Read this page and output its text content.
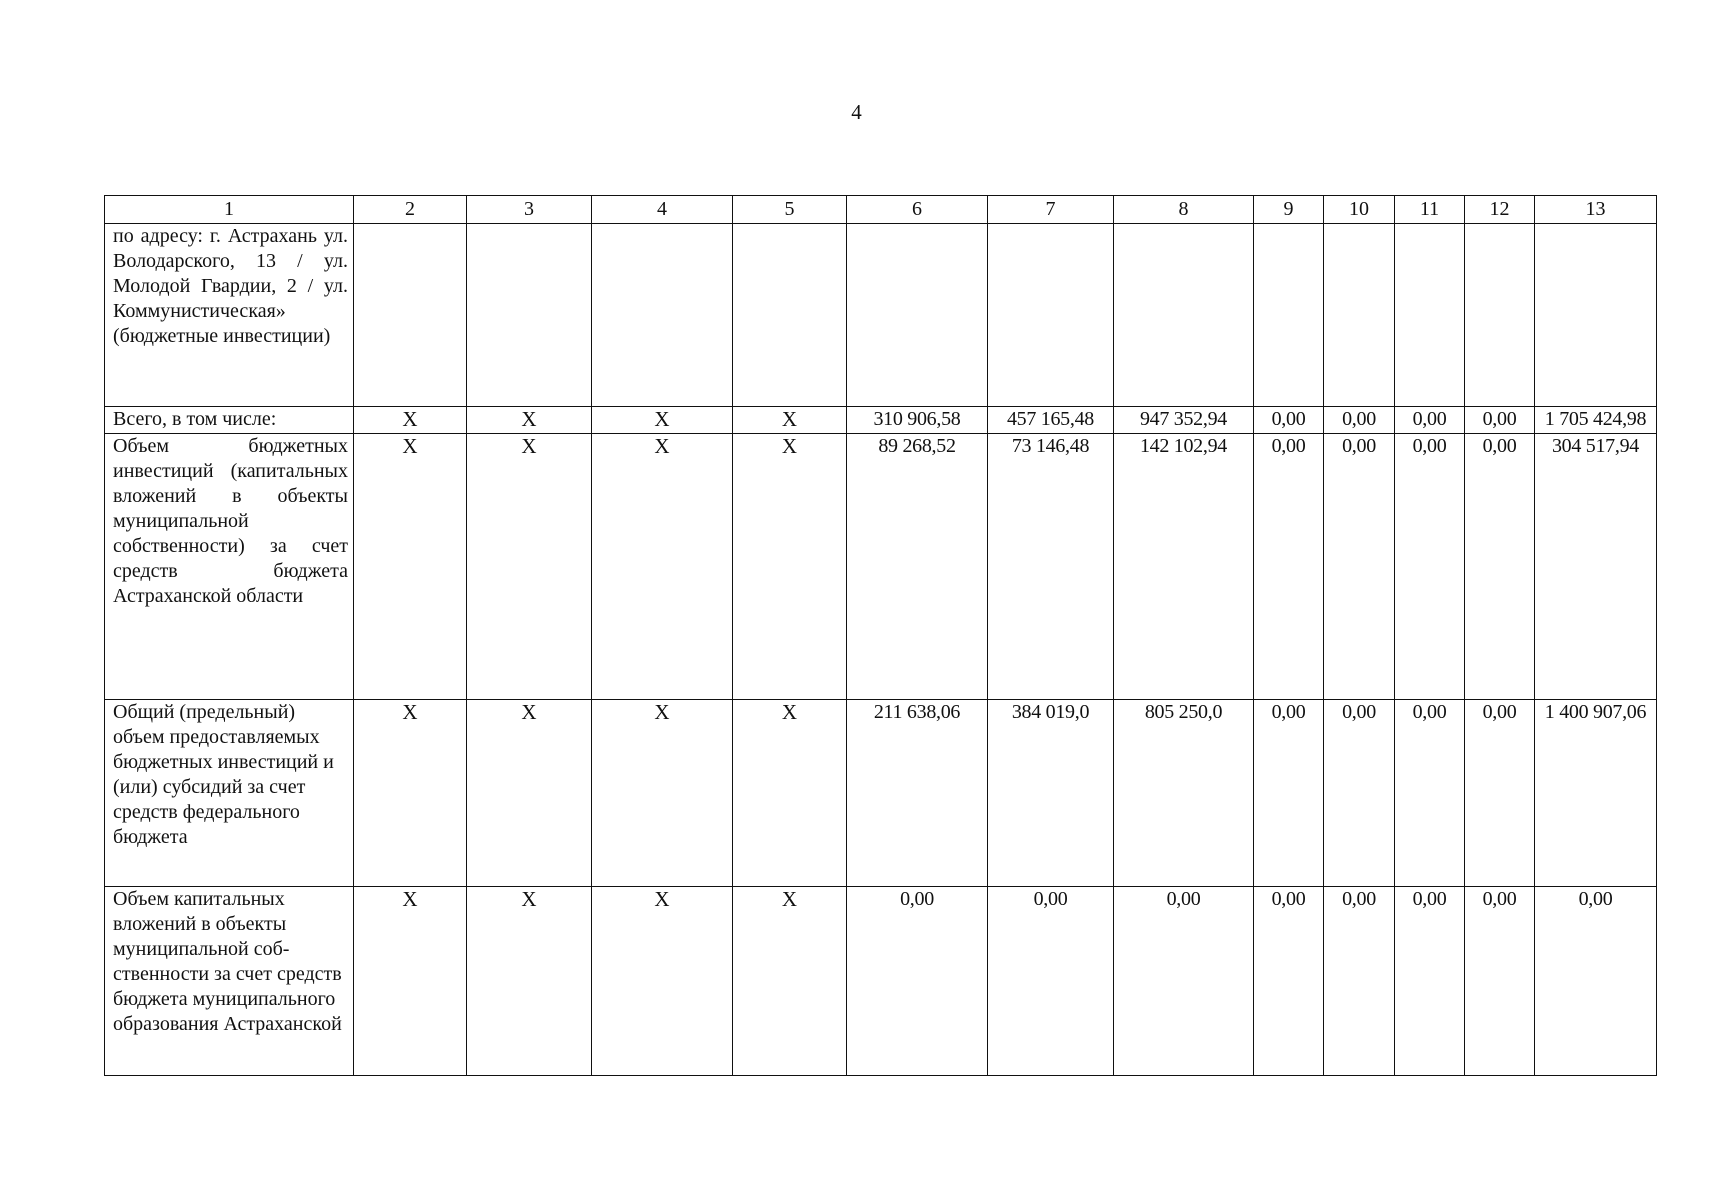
4
1	2	3	4	5	6	7	8	9	10	11	12	13
по адресу: г. Астрахань ул. Володарского, 13 / ул. Молодой Гвардии, 2 / ул. Коммунистическая» (бюджетные инвестиции)												
Всего, в том числе:	X	X	X	X	310 906,58	457 165,48	947 352,94	0,00	0,00	0,00	0,00	1 705 424,98
Объем бюджетных инвестиций (капитальных вложений в объекты муниципальной собственности) за счет средств бюджета Астраханской области	X	X	X	X	89 268,52	73 146,48	142 102,94	0,00	0,00	0,00	0,00	304 517,94
Общий (предельный) объем предоставляемых бюджетных инвестиций и (или) субсидий за счет средств федерального бюджета	X	X	X	X	211 638,06	384 019,0	805 250,0	0,00	0,00	0,00	0,00	1 400 907,06
Объем капитальных вложений в объекты муниципальной собственности за счет средств бюджета муниципального образования Астраханской	X	X	X	X	0,00	0,00	0,00	0,00	0,00	0,00	0,00	0,00
